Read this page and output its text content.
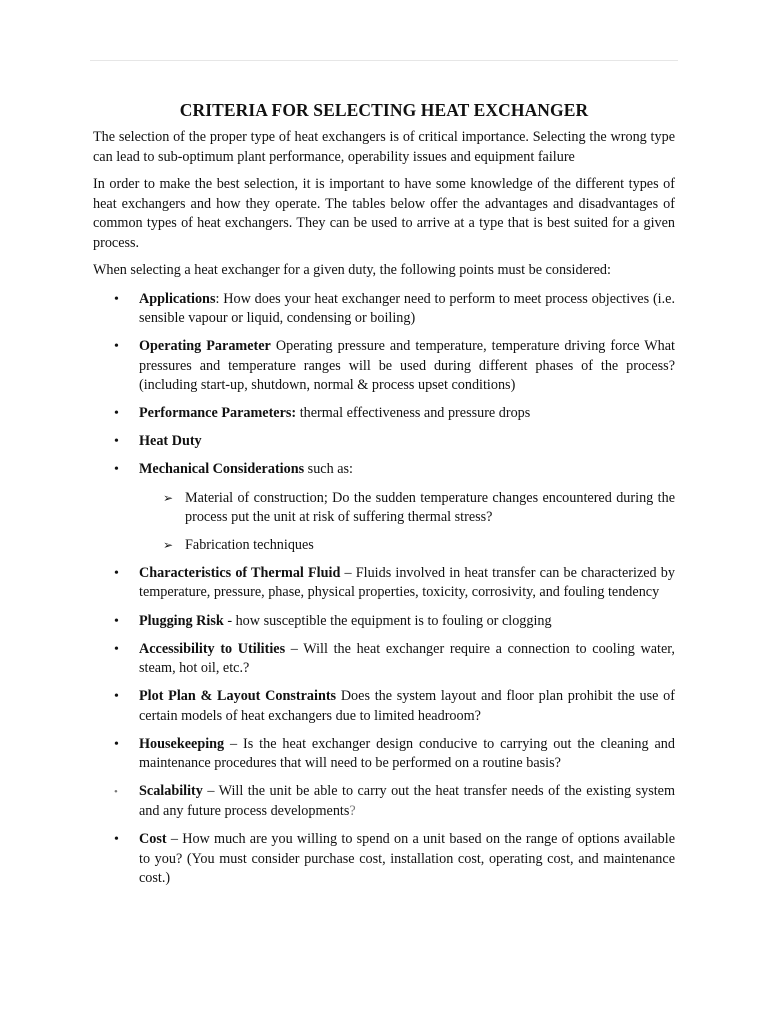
CRITERIA FOR SELECTING HEAT EXCHANGER

The selection of the proper type of heat exchangers is of critical importance. Selecting the wrong type can lead to sub-optimum plant performance, operability issues and equipment failure

In order to make the best selection, it is important to have some knowledge of the different types of heat exchangers and how they operate. The tables below offer the advantages and disadvantages of common types of heat exchangers. They can be used to arrive at a type that is best suited for a given process.

When selecting a heat exchanger for a given duty, the following points must be considered:

• Applications: How does your heat exchanger need to perform to meet process objectives (i.e. sensible vapour or liquid, condensing or boiling)
• Operating Parameter Operating pressure and temperature, temperature driving force What pressures and temperature ranges will be used during different phases of the process? (including start-up, shutdown, normal & process upset conditions)
• Performance Parameters: thermal effectiveness and pressure drops
• Heat Duty
• Mechanical Considerations such as:
➢ Material of construction; Do the sudden temperature changes encountered during the process put the unit at risk of suffering thermal stress?
➢ Fabrication techniques
• Characteristics of Thermal Fluid – Fluids involved in heat transfer can be characterized by temperature, pressure, phase, physical properties, toxicity, corrosivity, and fouling tendency
• Plugging Risk - how susceptible the equipment is to fouling or clogging
• Accessibility to Utilities – Will the heat exchanger require a connection to cooling water, steam, hot oil, etc.?
• Plot Plan & Layout Constraints Does the system layout and floor plan prohibit the use of certain models of heat exchangers due to limited headroom?
• Housekeeping – Is the heat exchanger design conducive to carrying out the cleaning and maintenance procedures that will need to be performed on a routine basis?
• Scalability – Will the unit be able to carry out the heat transfer needs of the existing system and any future process developments?
• Cost – How much are you willing to spend on a unit based on the range of options available to you? (You must consider purchase cost, installation cost, operating cost, and maintenance cost.)
